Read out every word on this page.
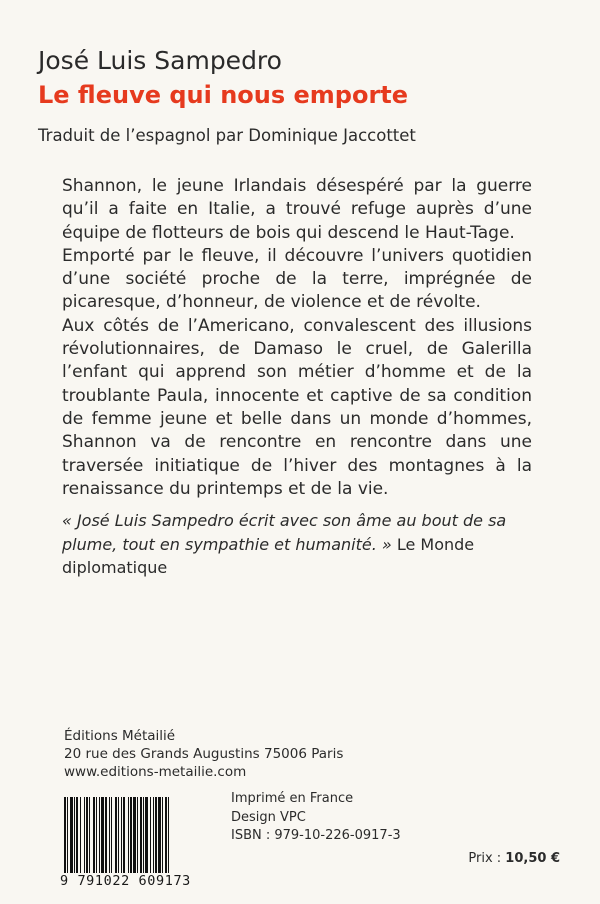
José Luis Sampedro
Le fleuve qui nous emporte
Traduit de l’espagnol par Dominique Jaccottet

Shannon, le jeune Irlandais désespéré par la guerre qu’il a faite en Italie, a trouvé refuge auprès d’une équipe de flotteurs de bois qui descend le Haut-Tage.

Emporté par le fleuve, il découvre l’univers quotidien d’une société proche de la terre, imprégnée de picaresque, d’honneur, de violence et de révolte.

Aux côtés de l’Americano, convalescent des illusions révolutionnaires, de Damaso le cruel, de Galerilla l’enfant qui apprend son métier d’homme et de la troublante Paula, innocente et captive de sa condition de femme jeune et belle dans un monde d’hommes, Shannon va de rencontre en rencontre dans une traversée initiatique de l’hiver des montagnes à la renaissance du printemps et de la vie.

« José Luis Sampedro écrit avec son âme au bout de sa plume, tout en sympathie et humanité. » Le Monde diplomatique
Éditions Métailié
20 rue des Grands Augustins 75006 Paris
www.editions-metailie.com
9 791022 609173
Imprimé en France
Design VPC
ISBN : 979-10-226-0917-3
Prix : 10,50 €
